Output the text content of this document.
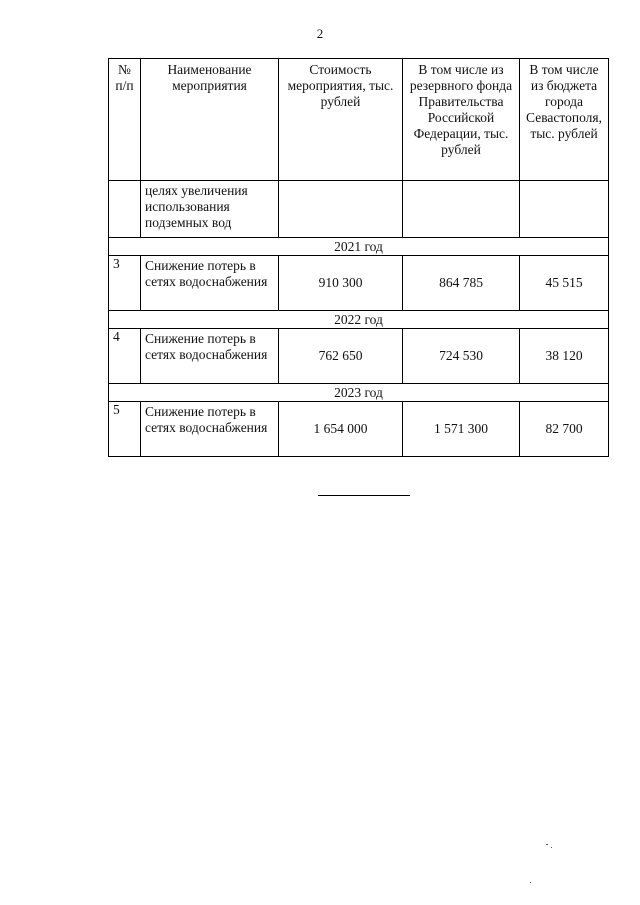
2
№ п/п	Наименование мероприятия	Стоимость мероприятия, тыс. рублей	В том числе из резервного фонда Правительства Российской Федерации, тыс. рублей	В том числе из бюджета города Севастополя, тыс. рублей
	целях увеличения использования подземных вод			
2021 год				
3	Снижение потерь в сетях водоснабжения	910 300	864 785	45 515
2022 год				
4	Снижение потерь в сетях водоснабжения	762 650	724 530	38 120
2023 год				
5	Снижение потерь в сетях водоснабжения	1 654 000	1 571 300	82 700
